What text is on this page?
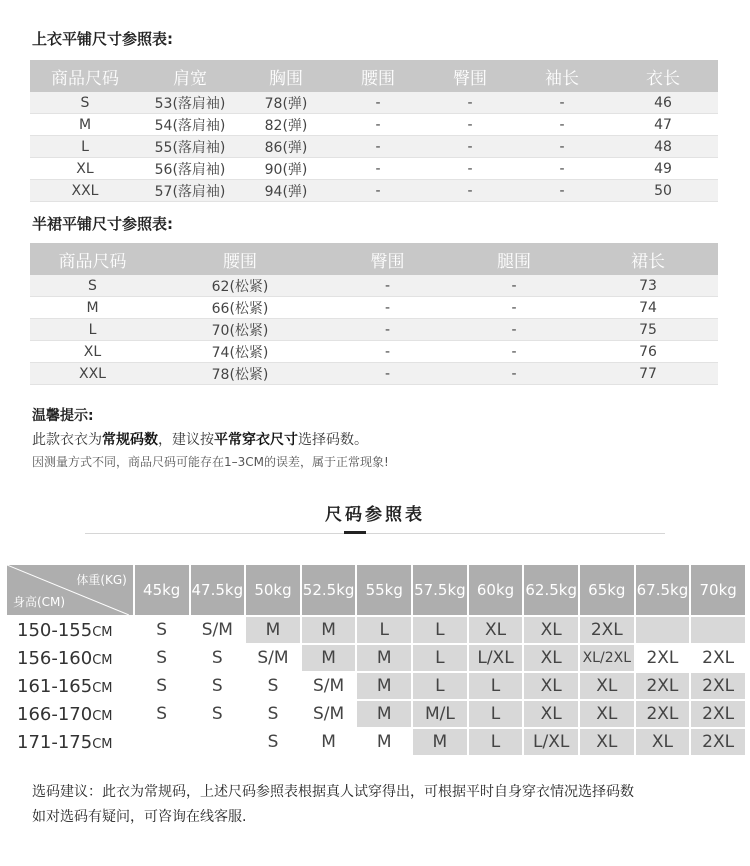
上衣平铺尺寸参照表:
商品尺码	肩宽	胸围	腰围	臀围	袖长	衣长
S	53(落肩袖)	78(弹)	-	-	-	46
M	54(落肩袖)	82(弹)	-	-	-	47
L	55(落肩袖)	86(弹)	-	-	-	48
XL	56(落肩袖)	90(弹)	-	-	-	49
XXL	57(落肩袖)	94(弹)	-	-	-	50
半裙平铺尺寸参照表:
商品尺码	腰围	臀围	腿围	裙长
S	62(松紧)	-	-	73
M	66(松紧)	-	-	74
L	70(松紧)	-	-	75
XL	74(松紧)	-	-	76
XXL	78(松紧)	-	-	77
温馨提示:
此款衣衣为常规码数，建议按平常穿衣尺寸选择码数。
因测量方式不同，商品尺码可能存在1–3CM的误差，属于正常现象!
尺码参照表
体重(KG)
身高(CM)	45kg	47.5kg	50kg	52.5kg	55kg	57.5kg	60kg	62.5kg	65kg	67.5kg	70kg
150-155CM	S	S/M	M	M	L	L	XL	XL	2XL		
156-160CM	S	S	S/M	M	M	L	L/XL	XL	XL/2XL	2XL	2XL
161-165CM	S	S	S	S/M	M	L	L	XL	XL	2XL	2XL
166-170CM	S	S	S	S/M	M	M/L	L	XL	XL	2XL	2XL
171-175CM			S	M	M	M	L	L/XL	XL	XL	2XL
选码建议：此衣为常规码，上述尺码参照表根据真人试穿得出，可根据平时自身穿衣情况选择码数
如对选码有疑问，可咨询在线客服.
